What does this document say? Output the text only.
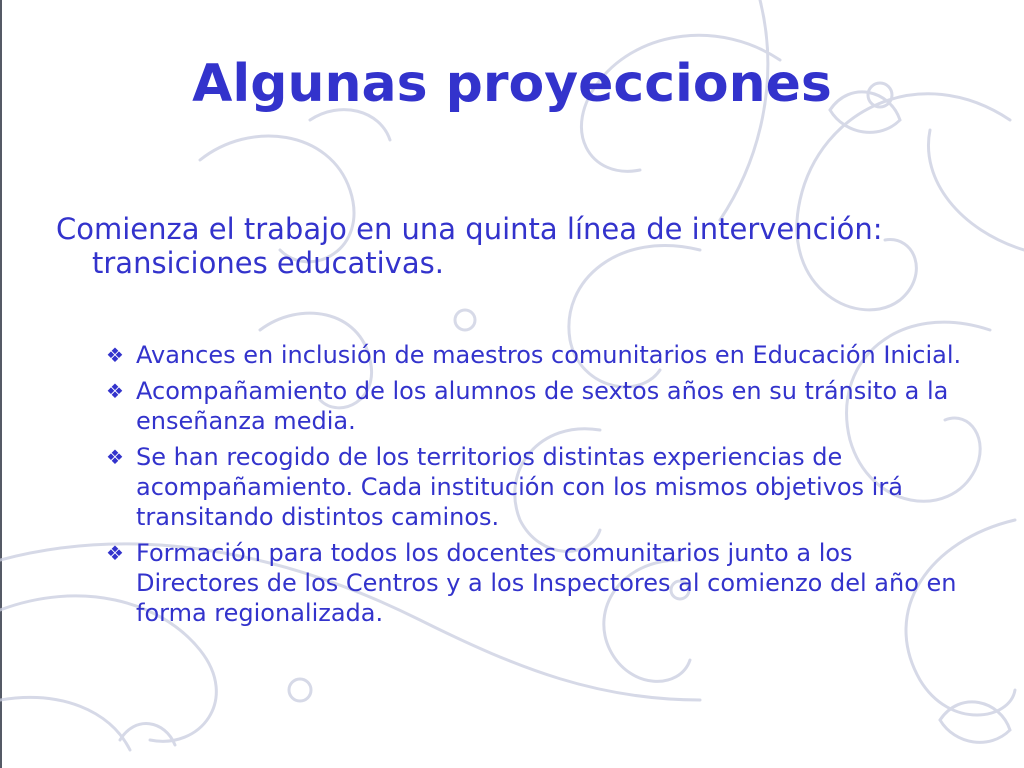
Algunas proyecciones

Comienza el trabajo en una quinta línea de intervención: transiciones educativas.

❖ Avances en inclusión de maestros comunitarios en Educación Inicial.
❖ Acompañamiento de los alumnos de sextos años en su tránsito a la enseñanza media.
❖ Se han recogido de los territorios distintas experiencias de acompañamiento. Cada institución con los mismos objetivos irá transitando distintos caminos.
❖ Formación para todos los docentes comunitarios junto a los Directores de los Centros y a los Inspectores al comienzo del año en forma regionalizada.
